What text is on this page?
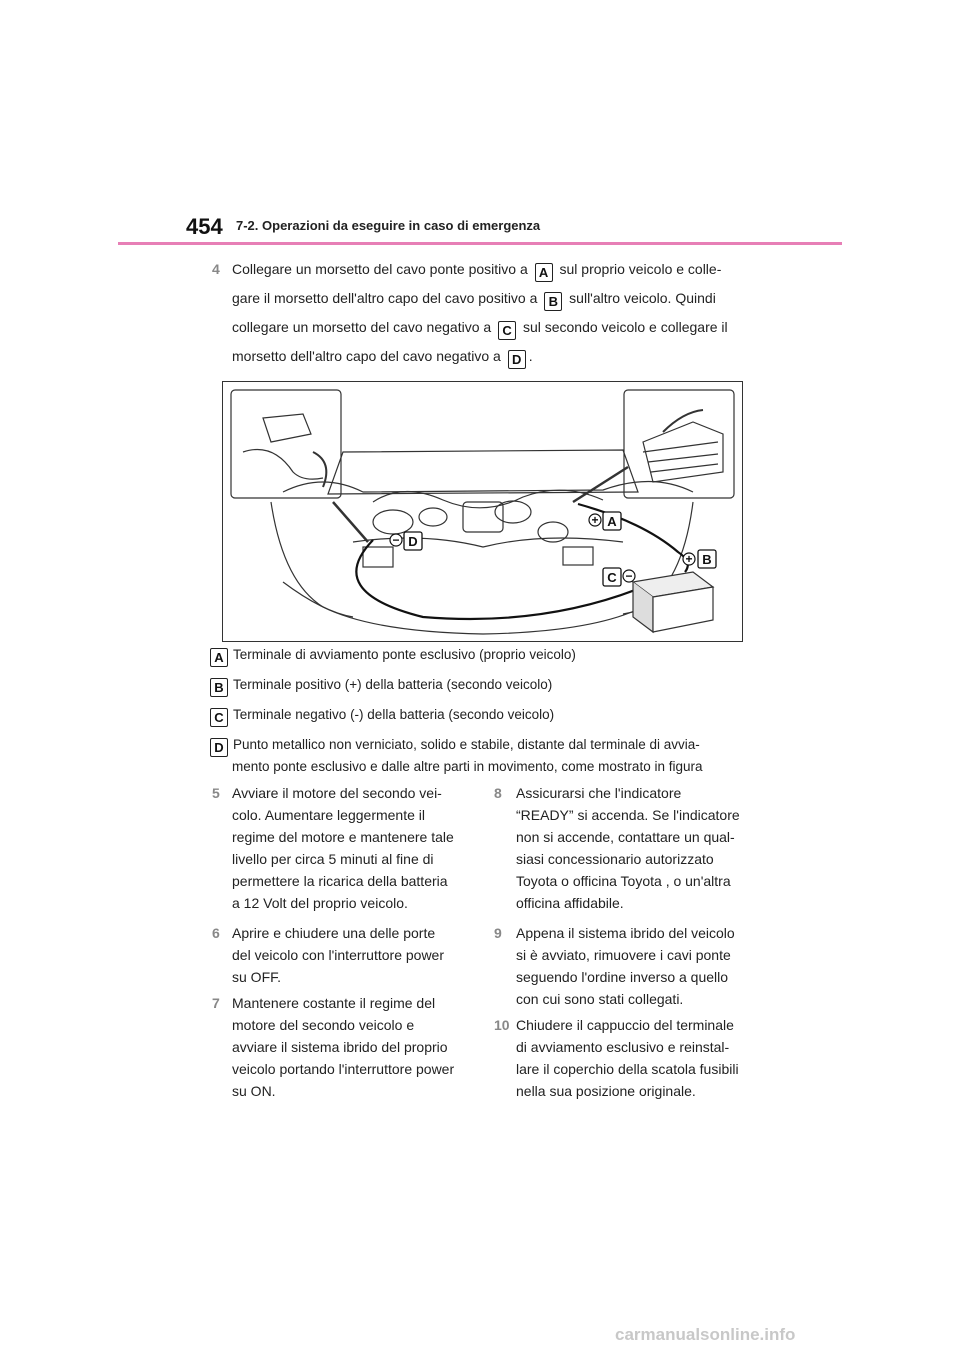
454 7-2. Operazioni da eseguire in caso di emergenza
4 Collegare un morsetto del cavo ponte positivo a A sul proprio veicolo e colle-
gare il morsetto dell'altro capo del cavo positivo a B sull'altro veicolo. Quindi
collegare un morsetto del cavo negativo a C sul secondo veicolo e collegare il
morsetto dell'altro capo del cavo negativo a D .
+
−
+
−
A
D
B
C
A Terminale di avviamento ponte esclusivo (proprio veicolo)
B Terminale positivo (+) della batteria (secondo veicolo)
C Terminale negativo (-) della batteria (secondo veicolo)
D Punto metallico non verniciato, solido e stabile, distante dal terminale di avvia-
mento ponte esclusivo e dalle altre parti in movimento, come mostrato in figura
5 Avviare il motore del secondo vei-
colo. Aumentare leggermente il
regime del motore e mantenere tale
livello per circa 5 minuti al fine di
permettere la ricarica della batteria
a 12 Volt del proprio veicolo.
6 Aprire e chiudere una delle porte
del veicolo con l'interruttore power
su OFF.
7 Mantenere costante il regime del
motore del secondo veicolo e
avviare il sistema ibrido del proprio
veicolo portando l'interruttore power
su ON.
8 Assicurarsi che l'indicatore
“READY” si accenda. Se l'indicatore
non si accende, contattare un qual-
siasi concessionario autorizzato
Toyota o officina Toyota , o un'altra
officina affidabile.
9 Appena il sistema ibrido del veicolo
si è avviato, rimuovere i cavi ponte
seguendo l'ordine inverso a quello
con cui sono stati collegati.
10 Chiudere il cappuccio del terminale
di avviamento esclusivo e reinstal-
lare il coperchio della scatola fusibili
nella sua posizione originale.
carmanualsonline.info
